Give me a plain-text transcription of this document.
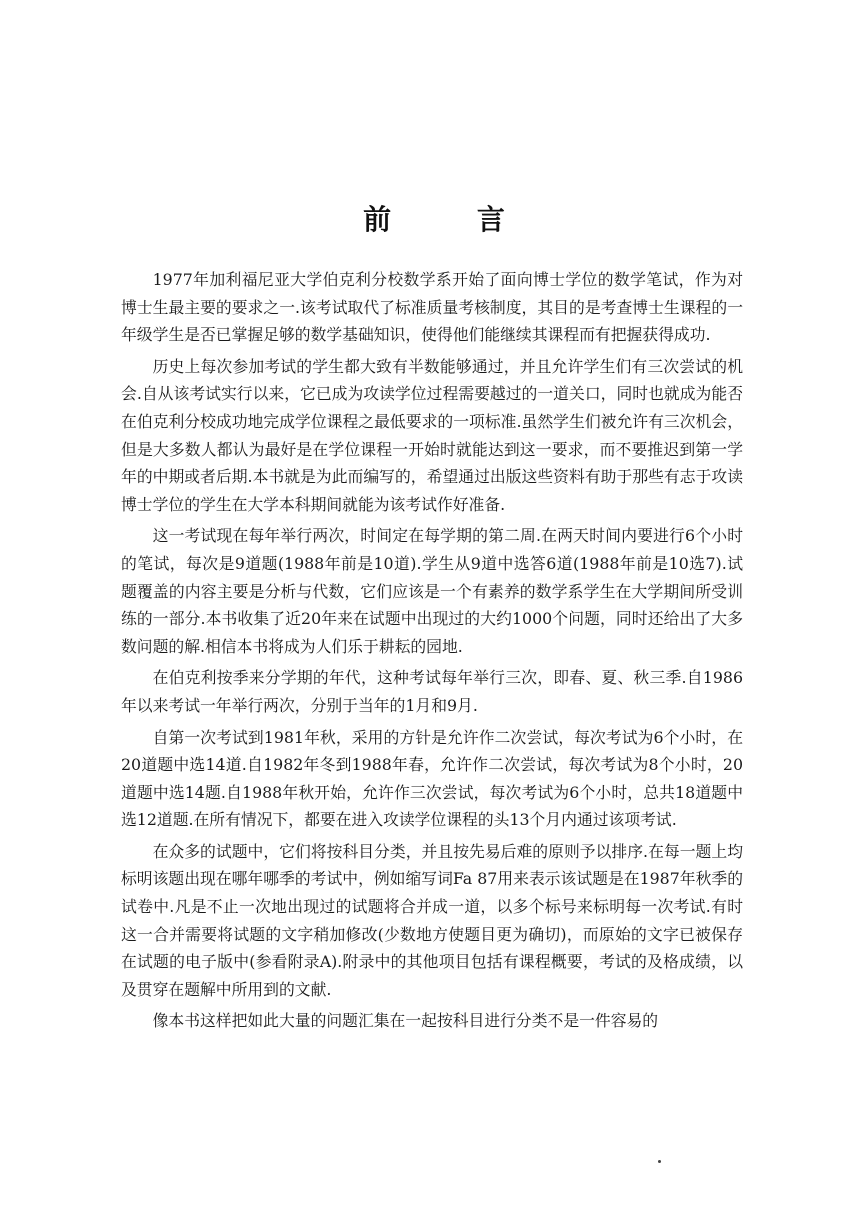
前 言

1977年加利福尼亚大学伯克利分校数学系开始了面向博士学位的数学笔试，作为对博士生最主要的要求之一.该考试取代了标准质量考核制度，其目的是考查博士生课程的一年级学生是否已掌握足够的数学基础知识，使得他们能继续其课程而有把握获得成功.

历史上每次参加考试的学生都大致有半数能够通过，并且允许学生们有三次尝试的机会.自从该考试实行以来，它已成为攻读学位过程需要越过的一道关口，同时也就成为能否在伯克利分校成功地完成学位课程之最低要求的一项标准.虽然学生们被允许有三次机会，但是大多数人都认为最好是在学位课程一开始时就能达到这一要求，而不要推迟到第一学年的中期或者后期.本书就是为此而编写的，希望通过出版这些资料有助于那些有志于攻读博士学位的学生在大学本科期间就能为该考试作好准备.

这一考试现在每年举行两次，时间定在每学期的第二周.在两天时间内要进行6个小时的笔试，每次是9道题(1988年前是10道).学生从9道中选答6道(1988年前是10选7).试题覆盖的内容主要是分析与代数，它们应该是一个有素养的数学系学生在大学期间所受训练的一部分.本书收集了近20年来在试题中出现过的大约1000个问题，同时还给出了大多数问题的解.相信本书将成为人们乐于耕耘的园地.

在伯克利按季来分学期的年代，这种考试每年举行三次，即春、夏、秋三季.自1986年以来考试一年举行两次，分别于当年的1月和9月.

自第一次考试到1981年秋，采用的方针是允许作二次尝试，每次考试为6个小时，在20道题中选14道.自1982年冬到1988年春，允许作二次尝试，每次考试为8个小时，20道题中选14题.自1988年秋开始，允许作三次尝试，每次考试为6个小时，总共18道题中选12道题.在所有情况下，都要在进入攻读学位课程的头13个月内通过该项考试.

在众多的试题中，它们将按科目分类，并且按先易后难的原则予以排序.在每一题上均标明该题出现在哪年哪季的考试中，例如缩写词Fa 87用来表示该试题是在1987年秋季的试卷中.凡是不止一次地出现过的试题将合并成一道，以多个标号来标明每一次考试.有时这一合并需要将试题的文字稍加修改(少数地方使题目更为确切)，而原始的文字已被保存在试题的电子版中(参看附录A).附录中的其他项目包括有课程概要，考试的及格成绩，以及贯穿在题解中所用到的文献.

像本书这样把如此大量的问题汇集在一起按科目进行分类不是一件容易的
